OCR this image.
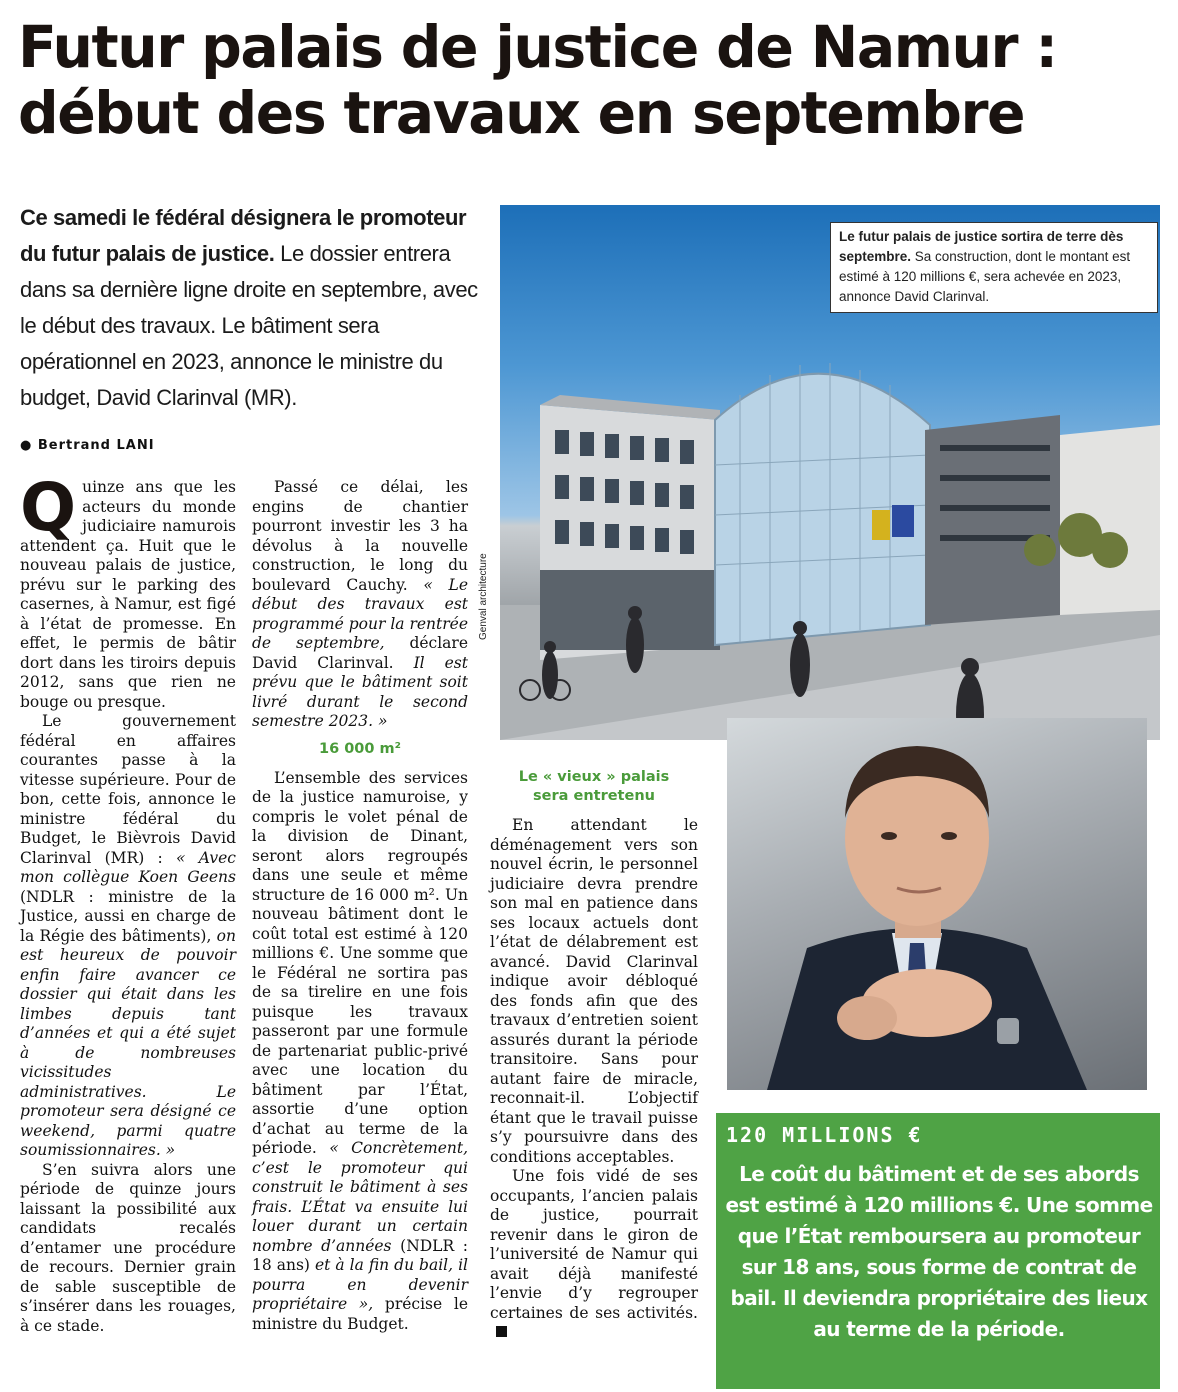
Futur palais de justice de Namur :
début des travaux en septembre
Ce samedi le fédéral désignera le promoteur du futur palais de justice. Le dossier entrera dans sa dernière ligne droite en septembre, avec le début des travaux. Le bâtiment sera opérationnel en 2023, annonce le ministre du budget, David Clarinval (MR).
● Bertrand LANI

Quinze ans que les acteurs du monde judiciaire namurois attendent ça. Huit que le nouveau palais de justice, prévu sur le parking des casernes, à Namur, est figé à l’état de promesse. En effet, le permis de bâtir dort dans les tiroirs depuis 2012, sans que rien ne bouge ou presque.

Le gouvernement fédéral en affaires courantes passe à la vitesse supérieure. Pour de bon, cette fois, annonce le ministre fédéral du Budget, le Bièvrois David Clarinval (MR) : « Avec mon collègue Koen Geens (NDLR : ministre de la Justice, aussi en charge de la Régie des bâtiments), on est heureux de pouvoir enfin faire avancer ce dossier qui était dans les limbes depuis tant d’années et qui a été sujet à de nombreuses vicissitudes administratives. Le promoteur sera désigné ce weekend, parmi quatre soumissionnaires. »

S’en suivra alors une période de quinze jours laissant la possibilité aux candidats recalés d’entamer une procédure de recours. Dernier grain de sable susceptible de s’insérer dans les rouages, à ce stade.

Passé ce délai, les engins de chantier pourront investir les 3 ha dévolus à la nouvelle construction, le long du boulevard Cauchy. « Le début des travaux est programmé pour la rentrée de septembre, déclare David Clarinval. Il est prévu que le bâtiment soit livré durant le second semestre 2023. »

16 000 m²

L’ensemble des services de la justice namuroise, y compris le volet pénal de la division de Dinant, seront alors regroupés dans une seule et même structure de 16 000 m². Un nouveau bâtiment dont le coût total est estimé à 120 millions €. Une somme que le Fédéral ne sortira pas de sa tirelire en une fois puisque les travaux passeront par une formule de partenariat public-privé avec une location du bâtiment par l’État, assortie d’une option d’achat au terme de la période. « Concrètement, c’est le promoteur qui construit le bâtiment à ses frais. L’État va ensuite lui louer durant un certain nombre d’années (NDLR : 18 ans) et à la fin du bail, il pourra en devenir propriétaire », précise le ministre du Budget.

Le « vieux » palais
sera entretenu

En attendant le déménagement vers son nouvel écrin, le personnel judiciaire devra prendre son mal en patience dans ses locaux actuels dont l’état de délabrement est avancé. David Clarinval indique avoir débloqué des fonds afin que des travaux d’entretien soient assurés durant la période transitoire. Sans pour autant faire de miracle, reconnait-il. L’objectif étant que le travail puisse s’y poursuivre dans des conditions acceptables.

Une fois vidé de ses occupants, l’ancien palais de justice, pourrait revenir dans le giron de l’université de Namur qui avait déjà manifesté l’envie d’y regrouper certaines de ses activités.

Le futur palais de justice sortira de terre dès septembre. Sa construction, dont le montant est estimé à 120 millions €, sera achevée en 2023, annonce David Clarinval.
Genval architecture
120 MILLIONS €
Le coût du bâtiment et de ses abords est estimé à 120 millions €. Une somme que l’État remboursera au promoteur sur 18 ans, sous forme de contrat de bail. Il deviendra propriétaire des lieux au terme de la période.
